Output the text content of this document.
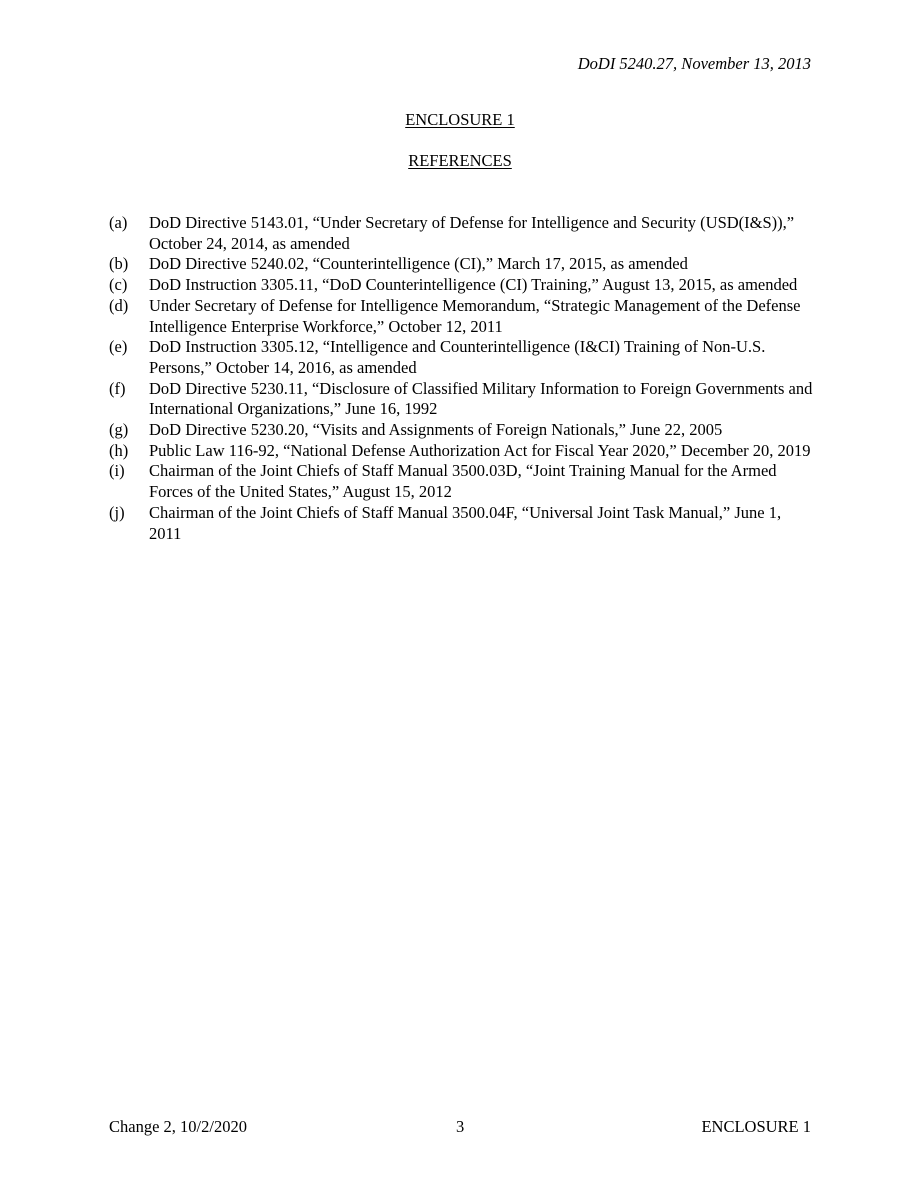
DoDI 5240.27, November 13, 2013
ENCLOSURE 1
REFERENCES
(a)	DoD Directive 5143.01, “Under Secretary of Defense for Intelligence and Security (USD(I&S)),” October 24, 2014, as amended
(b)	DoD Directive 5240.02, “Counterintelligence (CI),” March 17, 2015, as amended
(c)	DoD Instruction 3305.11, “DoD Counterintelligence (CI) Training,” August 13, 2015, as amended
(d)	Under Secretary of Defense for Intelligence Memorandum, “Strategic Management of the Defense Intelligence Enterprise Workforce,” October 12, 2011
(e)	DoD Instruction 3305.12, “Intelligence and Counterintelligence (I&CI) Training of Non-U.S. Persons,” October 14, 2016, as amended
(f)	DoD Directive 5230.11, “Disclosure of Classified Military Information to Foreign Governments and International Organizations,” June 16, 1992
(g)	DoD Directive 5230.20, “Visits and Assignments of Foreign Nationals,” June 22, 2005
(h)	Public Law 116-92, “National Defense Authorization Act for Fiscal Year 2020,” December 20, 2019
(i)	Chairman of the Joint Chiefs of Staff Manual 3500.03D, “Joint Training Manual for the Armed Forces of the United States,” August 15, 2012
(j)	Chairman of the Joint Chiefs of Staff Manual 3500.04F, “Universal Joint Task Manual,” June 1, 2011
Change 2, 10/2/2020	3	ENCLOSURE 1
